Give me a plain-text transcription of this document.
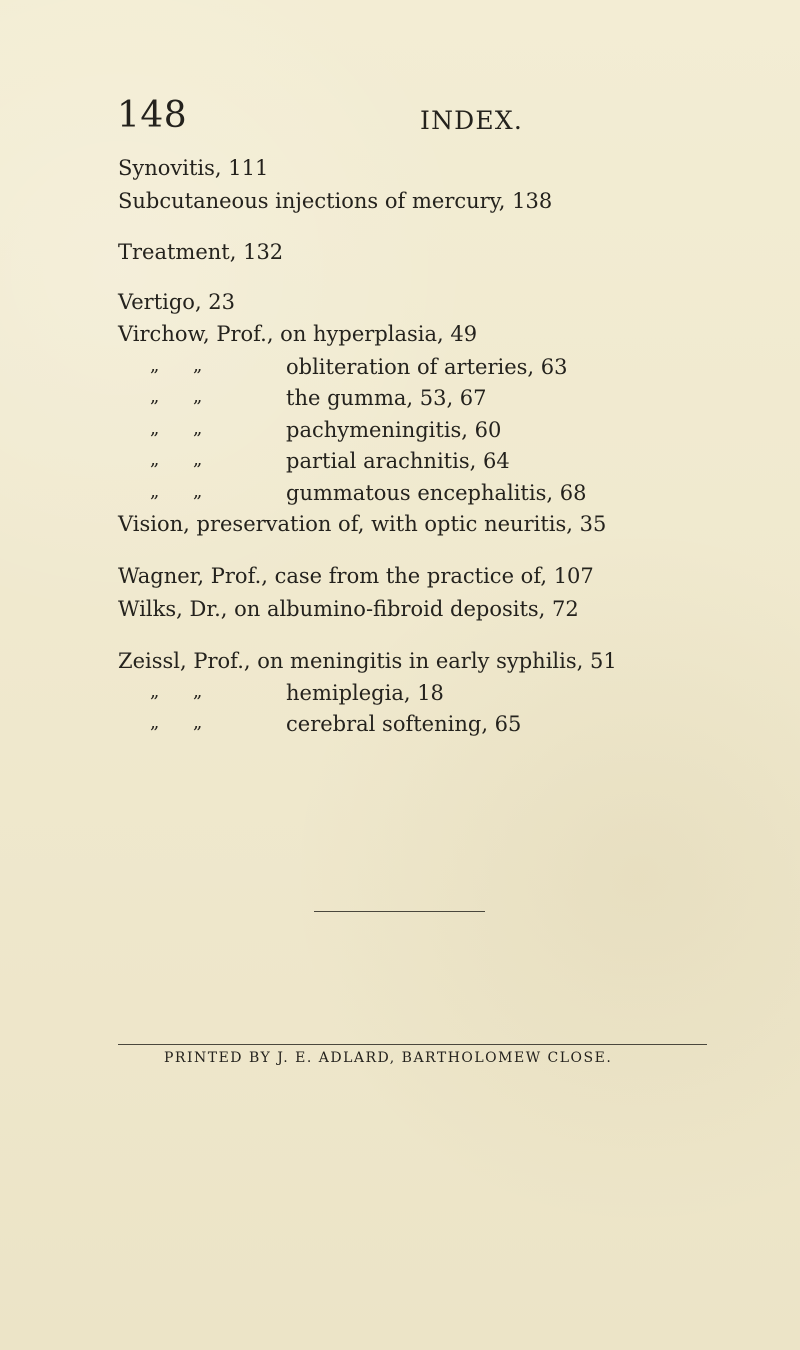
148	INDEX.
Synovitis, 111
Subcutaneous injections of mercury, 138
Treatment, 132
Vertigo, 23
Virchow, Prof., on hyperplasia, 49
„ „	obliteration of arteries, 63
„ „	the gumma, 53, 67
„ „	pachymeningitis, 60
„ „	partial arachnitis, 64
„ „	gummatous encephalitis, 68
Vision, preservation of, with optic neuritis, 35
Wagner, Prof., case from the practice of, 107
Wilks, Dr., on albumino-fibroid deposits, 72
Zeissl, Prof., on meningitis in early syphilis, 51
„ „	hemiplegia, 18
„ „	cerebral softening, 65
PRINTED BY J. E. ADLARD, BARTHOLOMEW CLOSE.
